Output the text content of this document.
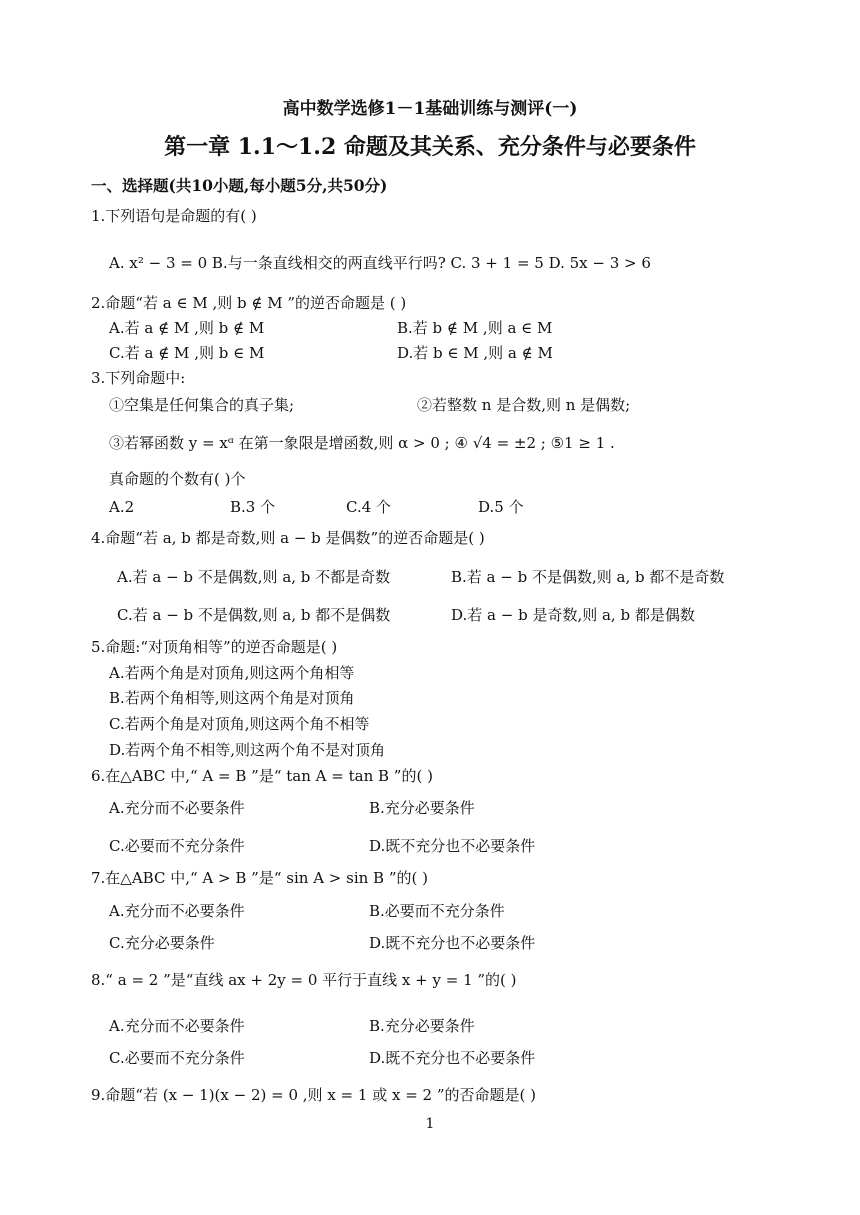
高中数学选修1－1基础训练与测评(一)
第一章 1.1～1.2 命题及其关系、充分条件与必要条件
一、选择题(共10小题,每小题5分,共50分)
1.下列语句是命题的有( )
A. x² − 3 = 0 B.与一条直线相交的两直线平行吗? C. 3 + 1 = 5 D. 5x − 3 > 6
2.命题“若 a ∈ M ,则 b ∉ M ”的逆否命题是 ( )
A.若 a ∉ M ,则 b ∉ M	B.若 b ∉ M ,则 a ∈ M
C.若 a ∉ M ,则 b ∈ M	D.若 b ∈ M ,则 a ∉ M
3.下列命题中:
①空集是任何集合的真子集;	②若整数 n 是合数,则 n 是偶数;
③若幂函数 y = xᵅ 在第一象限是增函数,则 α > 0 ; ④ √4 = ±2 ; ⑤1 ≥ 1 .
真命题的个数有( )个
A.2	B.3 个	C.4 个	D.5 个
4.命题“若 a, b 都是奇数,则 a − b 是偶数”的逆否命题是( )
A.若 a − b 不是偶数,则 a, b 不都是奇数	B.若 a − b 不是偶数,则 a, b 都不是奇数
C.若 a − b 不是偶数,则 a, b 都不是偶数	D.若 a − b 是奇数,则 a, b 都是偶数
5.命题:“对顶角相等”的逆否命题是( )
A.若两个角是对顶角,则这两个角相等
B.若两个角相等,则这两个角是对顶角
C.若两个角是对顶角,则这两个角不相等
D.若两个角不相等,则这两个角不是对顶角
6.在△ABC 中,“ A = B ”是“ tan A = tan B ”的( )
A.充分而不必要条件	B.充分必要条件
C.必要而不充分条件	D.既不充分也不必要条件
7.在△ABC 中,“ A > B ”是“ sin A > sin B ”的( )
A.充分而不必要条件	B.必要而不充分条件
C.充分必要条件	D.既不充分也不必要条件
8.“ a = 2 ”是“直线 ax + 2y = 0 平行于直线 x + y = 1 ”的( )
A.充分而不必要条件	B.充分必要条件
C.必要而不充分条件	D.既不充分也不必要条件
9.命题“若 (x − 1)(x − 2) = 0 ,则 x = 1 或 x = 2 ”的否命题是( )
1
